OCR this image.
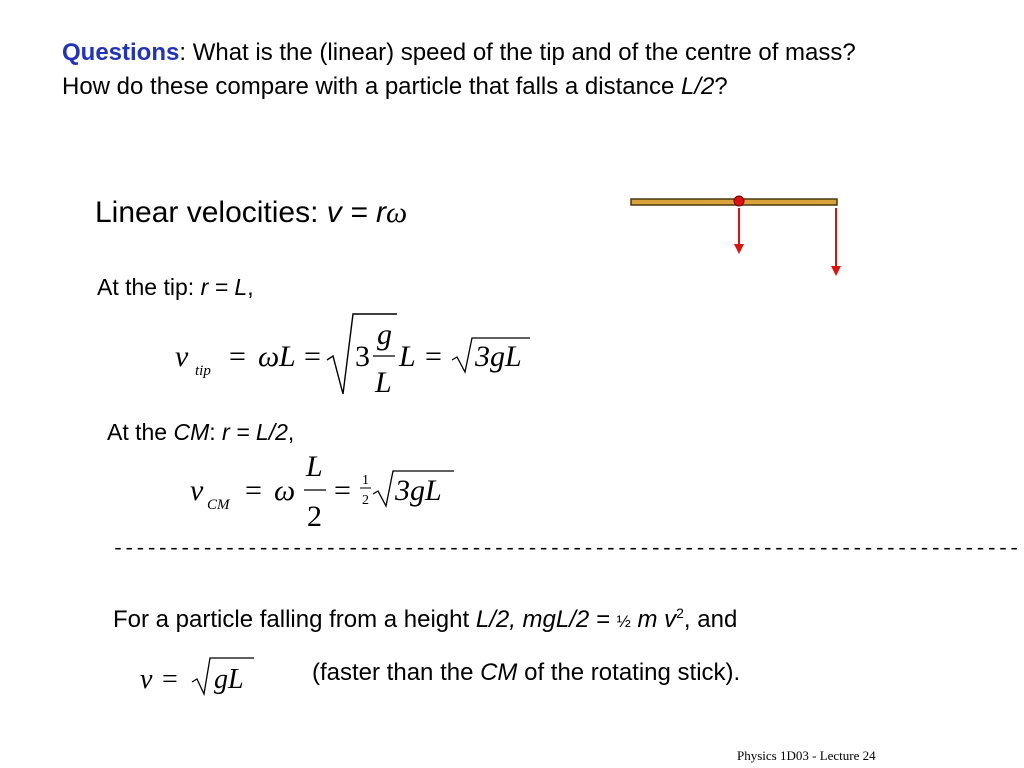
Questions: What is the (linear) speed of the tip and of the centre of mass? How do these compare with a particle that falls a distance L/2?
Linear velocities: v = rω
At the tip: r = L,
v tip = ω L = 3
g
L
L = 3gL
At the CM: r = L/2,
v CM = ω
L
2
= 1
2 3gL
---------------------------------------------------------------------------------
For a particle falling from a height L/2, mgL/2 = ½ m $v^2$, and
v = gL	(faster than the CM of the rotating stick).
Physics 1D03 - Lecture 24
